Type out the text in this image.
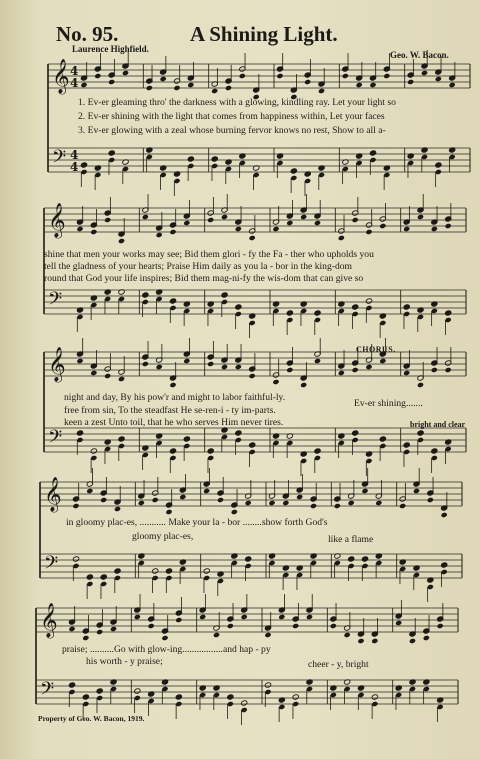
No. 95.	A Shining Light.
Laurence Highfield.
Geo. W. Bacon.
𝄞
𝄢
𝄞
𝄢
𝄞
𝄢
𝄞
𝄢
𝄞
𝄢
4
4
4
4
1. Ev-er gleaming thro' the darkness with a glowing, kindling ray. Let your light so
2. Ev-er shining with the light that comes from happiness within, Let your faces
3. Ev-er glowing with a zeal whose burning fervor knows no rest, Show to all a-
shine that men your works may see; Bid them glori - fy the Fa - ther who upholds you
tell the gladness of your hearts; Praise Him daily as you la - bor in the king-dom
round that God your life inspires; Bid them mag-ni-fy the wis-dom that can give so
CHORUS.
night and day, By his pow'r and might to labor faithful-ly.
free from sin, To the steadfast He se-ren-i - ty im-parts.
keen a zest Unto toil, that he who serves Him never tires.
Ev-er shining.......
bright and clear
in gloomy plac-es, ........... Make your la - bor ........show forth God's
gloomy plac-es,	like a flame
praise; ..........Go with glow-ing.................and hap - py
his worth - y praise;	cheer - y, bright
Property of Geo. W. Bacon, 1919.
